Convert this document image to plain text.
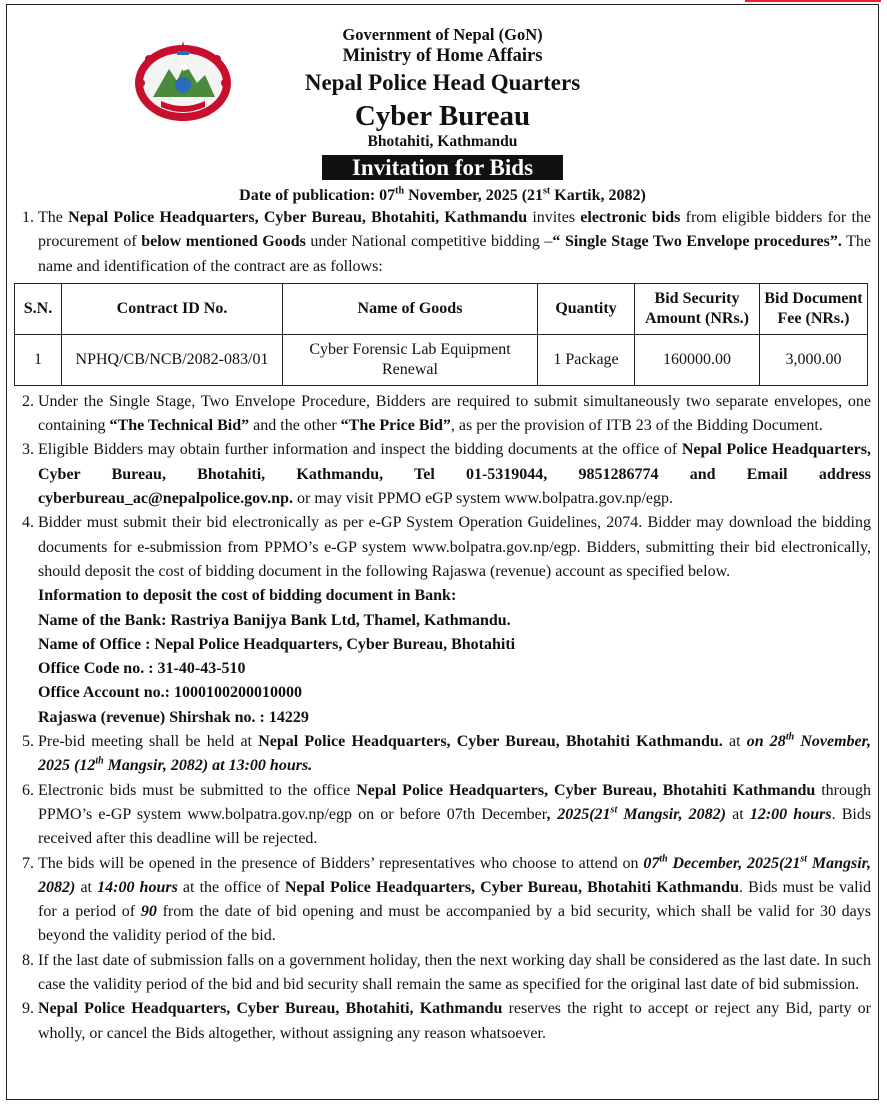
Government of Nepal (GoN)
Ministry of Home Affairs
Nepal Police Head Quarters
Cyber Bureau
Bhotahiti, Kathmandu
Invitation for Bids
Date of publication: 07th November, 2025 (21st Kartik, 2082)
1. The Nepal Police Headquarters, Cyber Bureau, Bhotahiti, Kathmandu invites electronic bids from eligible bidders for the procurement of below mentioned Goods under National competitive bidding –“ Single Stage Two Envelope procedures”. The name and identification of the contract are as follows:
S.N.	Contract ID No.	Name of Goods	Quantity	Bid Security Amount (NRs.)	Bid Document Fee (NRs.)
1	NPHQ/CB/NCB/2082-083/01	Cyber Forensic Lab Equipment Renewal	1 Package	160000.00	3,000.00
2. Under the Single Stage, Two Envelope Procedure, Bidders are required to submit simultaneously two separate envelopes, one containing “The Technical Bid” and the other “The Price Bid”, as per the provision of ITB 23 of the Bidding Document.
3. Eligible Bidders may obtain further information and inspect the bidding documents at the office of Nepal Police Headquarters, Cyber Bureau, Bhotahiti, Kathmandu, Tel 01-5319044, 9851286774 and Email address cyberbureau_ac@nepalpolice.gov.np. or may visit PPMO eGP system www.bolpatra.gov.np/egp.
4. Bidder must submit their bid electronically as per e-GP System Operation Guidelines, 2074. Bidder may download the bidding documents for e-submission from PPMO’s e-GP system www.bolpatra.gov.np/egp. Bidders, submitting their bid electronically, should deposit the cost of bidding document in the following Rajaswa (revenue) account as specified below.
Information to deposit the cost of bidding document in Bank:
Name of the Bank: Rastriya Banijya Bank Ltd, Thamel, Kathmandu.
Name of Office : Nepal Police Headquarters, Cyber Bureau, Bhotahiti
Office Code no. : 31-40-43-510
Office Account no.: 1000100200010000
Rajaswa (revenue) Shirshak no. : 14229
5. Pre-bid meeting shall be held at Nepal Police Headquarters, Cyber Bureau, Bhotahiti Kathmandu. at on 28th November, 2025 (12th Mangsir, 2082) at 13:00 hours.
6. Electronic bids must be submitted to the office Nepal Police Headquarters, Cyber Bureau, Bhotahiti Kathmandu through PPMO’s e-GP system www.bolpatra.gov.np/egp on or before 07th December, 2025(21st Mangsir, 2082) at 12:00 hours. Bids received after this deadline will be rejected.
7. The bids will be opened in the presence of Bidders’ representatives who choose to attend on 07th December, 2025(21st Mangsir, 2082) at 14:00 hours at the office of Nepal Police Headquarters, Cyber Bureau, Bhotahiti Kathmandu. Bids must be valid for a period of 90 from the date of bid opening and must be accompanied by a bid security, which shall be valid for 30 days beyond the validity period of the bid.
8. If the last date of submission falls on a government holiday, then the next working day shall be considered as the last date. In such case the validity period of the bid and bid security shall remain the same as specified for the original last date of bid submission.
9. Nepal Police Headquarters, Cyber Bureau, Bhotahiti, Kathmandu reserves the right to accept or reject any Bid, party or wholly, or cancel the Bids altogether, without assigning any reason whatsoever.
